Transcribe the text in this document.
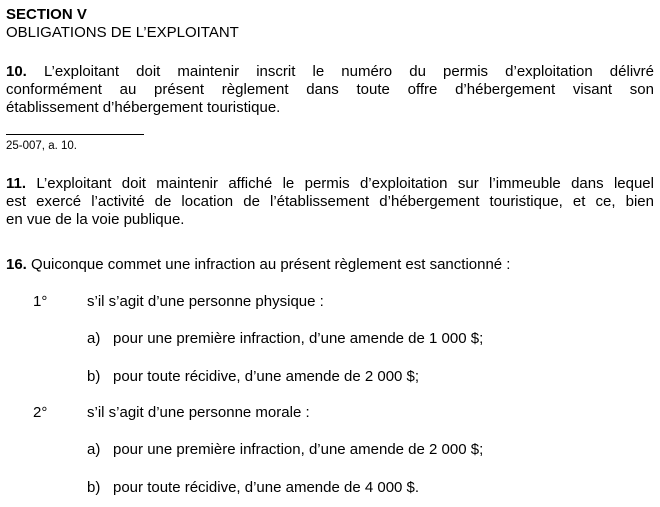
SECTION V
OBLIGATIONS DE L’EXPLOITANT
10. L’exploitant doit maintenir inscrit le numéro du permis d’exploitation délivré
conformément au présent règlement dans toute offre d’hébergement visant son
établissement d’hébergement touristique.
25-007, a. 10.
11. L’exploitant doit maintenir affiché le permis d’exploitation sur l’immeuble dans lequel
est exercé l’activité de location de l’établissement d’hébergement touristique, et ce, bien
en vue de la voie publique.
16. Quiconque commet une infraction au présent règlement est sanctionné :
1°	s’il s’agit d’une personne physique :
a) pour une première infraction, d’une amende de 1 000 $;
b) pour toute récidive, d’une amende de 2 000 $;
2°	s’il s’agit d’une personne morale :
a) pour une première infraction, d’une amende de 2 000 $;
b) pour toute récidive, d’une amende de 4 000 $.
